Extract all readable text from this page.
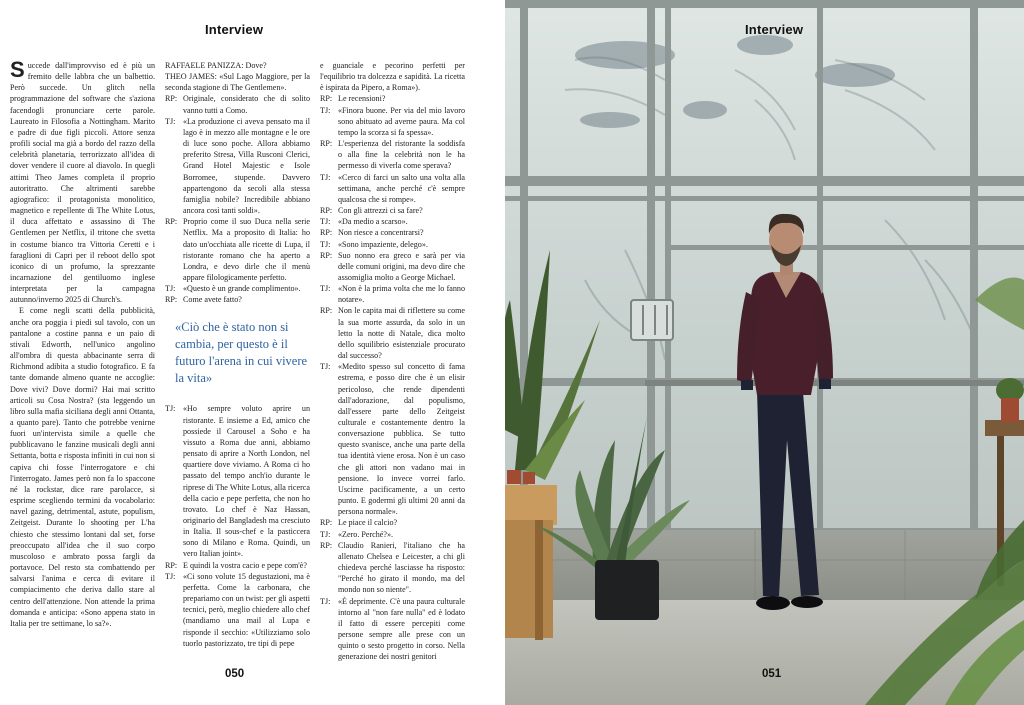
Interview

Succede dall'improvviso ed è più un fremito delle labbra che un balbettio. Però succede. Un glitch nella programmazione del software che s'aziona facendogli pronunciare certe parole. Laureato in Filosofia a Nottingham. Marito e padre di due figli piccoli. Attore senza profili social ma già a bordo del razzo della celebrità planetaria, terrorizzato all'idea di dover vendere il cuore al diavolo. In quegli attimi Theo James completa il proprio autoritratto. Che altrimenti sarebbe agiografico: il protagonista monolitico, magnetico e repellente di The White Lotus, il duca affettato e assassino di The Gentlemen per Netflix, il tritone che svetta in costume bianco tra Vittoria Ceretti e i faraglioni di Capri per il reboot dello spot iconico di un profumo, la sprezzante incarnazione del gentiluomo inglese interpretata per la campagna autunno/inverno 2025 di Church's.

E come negli scatti della pubblicità, anche ora poggia i piedi sul tavolo, con un pantalone a costine panna e un paio di stivali Edworth, nell'unico angolino all'ombra di questa abbacinante serra di Richmond adibita a studio fotografico. E fa tante domande almeno quante ne accoglie: Dove vivi? Dove dormi? Hai mai scritto articoli su Cosa Nostra? (sta leggendo un libro sulla mafia siciliana degli anni Ottanta, a quanto pare). Tanto che potrebbe venirne fuori un'intervista simile a quelle che pubblicavano le fanzine musicali degli anni Settanta, botta e risposta infiniti in cui non si capiva chi fosse l'interrogatore e chi l'interrogato. James però non fa lo spaccone né la rockstar, dice rare parolacce, si esprime scegliendo termini da vocabolario: navel gazing, detrimental, astute, populism, Zeitgeist. Durante lo shooting per L'ha chiesto che stessimo lontani dal set, forse preoccupato all'idea che il suo corpo muscoloso e ambrato possa fargli da portavoce. Del resto sta combattendo per salvarsi l'anima e cerca di evitare il compiacimento che deriva dallo stare al centro dell'attenzione. Non attende la prima domanda e anticipa: «Sono appena stato in Italia per tre settimane, lo sa?».

RAFFAELE PANIZZA: Dove?

THEO JAMES: «Sul Lago Maggiore, per la seconda stagione di The Gentlemen».

RP: Originale, considerato che di solito vanno tutti a Como.

TJ: «La produzione ci aveva pensato ma il lago è in mezzo alle montagne e le ore di luce sono poche. Allora abbiamo preferito Stresa, Villa Rusconi Clerici, Grand Hotel Majestic e Isole Borromee, stupende. Davvero appartengono da secoli alla stessa famiglia nobile? Incredibile abbiano ancora così tanti soldi».

RP: Proprio come il suo Duca nella serie Netflix. Ma a proposito di Italia: ho dato un'occhiata alle ricette di Lupa, il ristorante romano che ha aperto a Londra, e devo dirle che il menù appare filologicamente perfetto.

TJ: «Questo è un grande complimento».

RP: Come avete fatto?

«Ciò che è stato non si cambia, per questo è il futuro l'arena in cui vivere la vita»

TJ: «Ho sempre voluto aprire un ristorante. E insieme a Ed, amico che possiede il Carousel a Soho e ha vissuto a Roma due anni, abbiamo pensato di aprire a North London, nel quartiere dove viviamo. A Roma ci ho passato del tempo anch'io durante le riprese di The White Lotus, alla ricerca della cacio e pepe perfetta, che non ho trovato. Lo chef è Naz Hassan, originario del Bangladesh ma cresciuto in Italia. Il sous-chef e la pasticcera sono di Milano e Roma. Quindi, un vero Italian joint».

RP: E quindi la vostra cacio e pepe com'è?

TJ: «Ci sono volute 15 degustazioni, ma è perfetta. Come la carbonara, che prepariamo con un twist: per gli aspetti tecnici, però, meglio chiedere allo chef (mandiamo una mail al Lupa e risponde il secchio: «Utilizziamo solo tuorlo pastorizzato, tre tipi di pepe

e guanciale e pecorino perfetti per l'equilibrio tra dolcezza e sapidità. La ricetta è ispirata da Pipero, a Roma»).

RP: Le recensioni?

TJ: «Finora buone. Per via del mio lavoro sono abituato ad averne paura. Ma col tempo la scorza si fa spessa».

RP: L'esperienza del ristorante la soddisfa o alla fine la celebrità non le ha permesso di viverla come sperava?

TJ: «Cerco di farci un salto una volta alla settimana, anche perché c'è sempre qualcosa che si rompe».

RP: Con gli attrezzi ci sa fare?

TJ: «Da medio a scarso».

RP: Non riesce a concentrarsi?

TJ: «Sono impaziente, delego».

RP: Suo nonno era greco e sarà per via delle comuni origini, ma devo dire che assomiglia molto a George Michael.

TJ: «Non è la prima volta che me lo fanno notare».

RP: Non le capita mai di riflettere su come la sua morte assurda, da solo in un letto la notte di Natale, dica molto dello squilibrio esistenziale procurato dal successo?

TJ: «Medito spesso sul concetto di fama estrema, e posso dire che è un elisir pericoloso, che rende dipendenti dall'adorazione, dal populismo, dall'essere parte dello Zeitgeist culturale e costantemente dentro la conversazione pubblica. Se tutto questo svanisce, anche una parte della tua identità viene erosa. Non è un caso che gli attori non vadano mai in pensione. Io invece vorrei farlo. Uscirne pacificamente, a un certo punto. E godermi gli ultimi 20 anni da persona normale».

RP: Le piace il calcio?

TJ: «Zero. Perché?».

RP: Claudio Ranieri, l'italiano che ha allenato Chelsea e Leicester, a chi gli chiedeva perché lasciasse ha risposto: "Perché ho girato il mondo, ma del mondo non so niente".

TJ: «È deprimente. C'è una paura culturale intorno al "non fare nulla" ed è lodato il fatto di essere percepiti come persone sempre alle prese con un quinto o sesto progetto in corso. Nella generazione dei nostri genitori

050
Interview
051
